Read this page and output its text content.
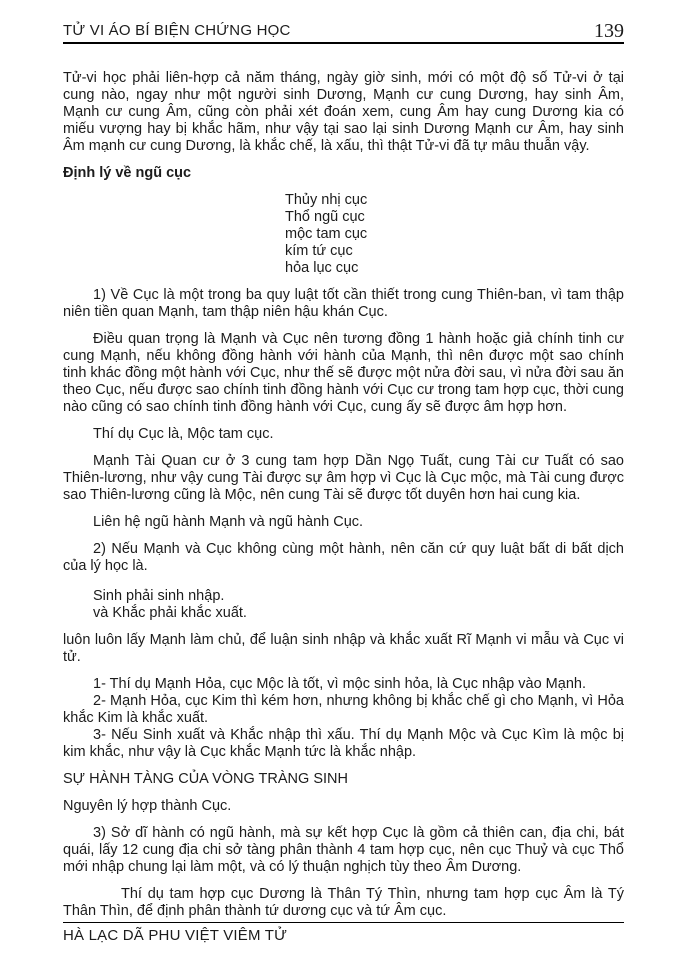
TỬ VI ÁO BÍ BIỆN CHỨNG HỌC	139

Tử-vi học phải liên-hợp cả năm tháng, ngày giờ sinh, mới có một độ số Tử-vi ở tại cung nào, ngay như một người sinh Dương, Mạnh cư cung Dương, hay sinh Âm, Mạnh cư cung Âm, cũng còn phải xét đoán xem, cung Âm hay cung Dương kia có miếu vượng hay bị khắc hãm, như vậy tại sao lại sinh Dương Mạnh cư Âm, hay sinh Âm mạnh cư cung Dương, là khắc chế, là xấu, thì thật Tử-vi đã tự mâu thuẫn vậy.

Định lý về ngũ cục

Thủy nhị cục
Thổ ngũ cục
mộc tam cục
kím tứ cục
hỏa lục cục

1) Về Cục là một trong ba quy luật tốt cần thiết trong cung Thiên-ban, vì tam thập niên tiền quan Mạnh, tam thập niên hậu khán Cục.

Điều quan trọng là Mạnh và Cục nên tương đồng 1 hành hoặc giả chính tinh cư cung Mạnh, nếu không đồng hành với hành của Mạnh, thì nên được một sao chính tinh khác đồng một hành với Cục, như thế sẽ được một nửa đời sau, vì nửa đời sau ăn theo Cục, nếu được sao chính tinh đồng hành với Cục cư trong tam hợp cục, thời cung nào cũng có sao chính tinh đồng hành với Cục, cung ấy sẽ được âm hợp hơn.

Thí dụ Cục là, Mộc tam cục.

Mạnh Tài Quan cư ở 3 cung tam hợp Dần Ngọ Tuất, cung Tài cư Tuất có sao Thiên-lương, như vậy cung Tài được sự âm hợp vì Cục là Cục mộc, mà Tài cung được sao Thiên-lương cũng là Mộc, nên cung Tài sẽ được tốt duyên hơn hai cung kia.

Liên hệ ngũ hành Mạnh và ngũ hành Cục.

2) Nếu Mạnh và Cục không cùng một hành, nên căn cứ quy luật bất di bất dịch của lý học là.

Sinh phải sinh nhập.
và Khắc phải khắc xuất.

luôn luôn lấy Mạnh làm chủ, để luận sinh nhập và khắc xuất Rĩ Mạnh vi mẫu và Cục vi tử.

1- Thí dụ Mạnh Hỏa, cục Mộc là tốt, vì mộc sinh hỏa, là Cục nhập vào Mạnh.

2- Mạnh Hỏa, cục Kim thì kém hơn, nhưng không bị khắc chế gì cho Mạnh, vì Hỏa khắc Kim là khắc xuất.

3- Nếu Sinh xuất và Khắc nhập thì xấu. Thí dụ Mạnh Mộc và Cục Kìm là mộc bị kim khắc, như vậy là Cục khắc Mạnh tức là khắc nhập.

SỰ HÀNH TÀNG CỦA VÒNG TRÀNG SINH

Nguyên lý hợp thành Cục.

3) Sở dĩ hành có ngũ hành, mà sự kết hợp Cục là gồm cả thiên can, địa chi, bát quái, lấy 12 cung địa chi sở tàng phân thành 4 tam hợp cục, nên cục Thuỷ và cục Thổ mới nhập chung lại làm một, và có lý thuận nghịch tùy theo Âm Dương.

Thí dụ tam hợp cục Dương là Thân Tý Thìn, nhưng tam hợp cục Âm là Tý Thân Thìn, để định phân thành tứ dương cục và tứ Âm cục.

HÀ LẠC DÃ PHU VIỆT VIÊM TỬ
